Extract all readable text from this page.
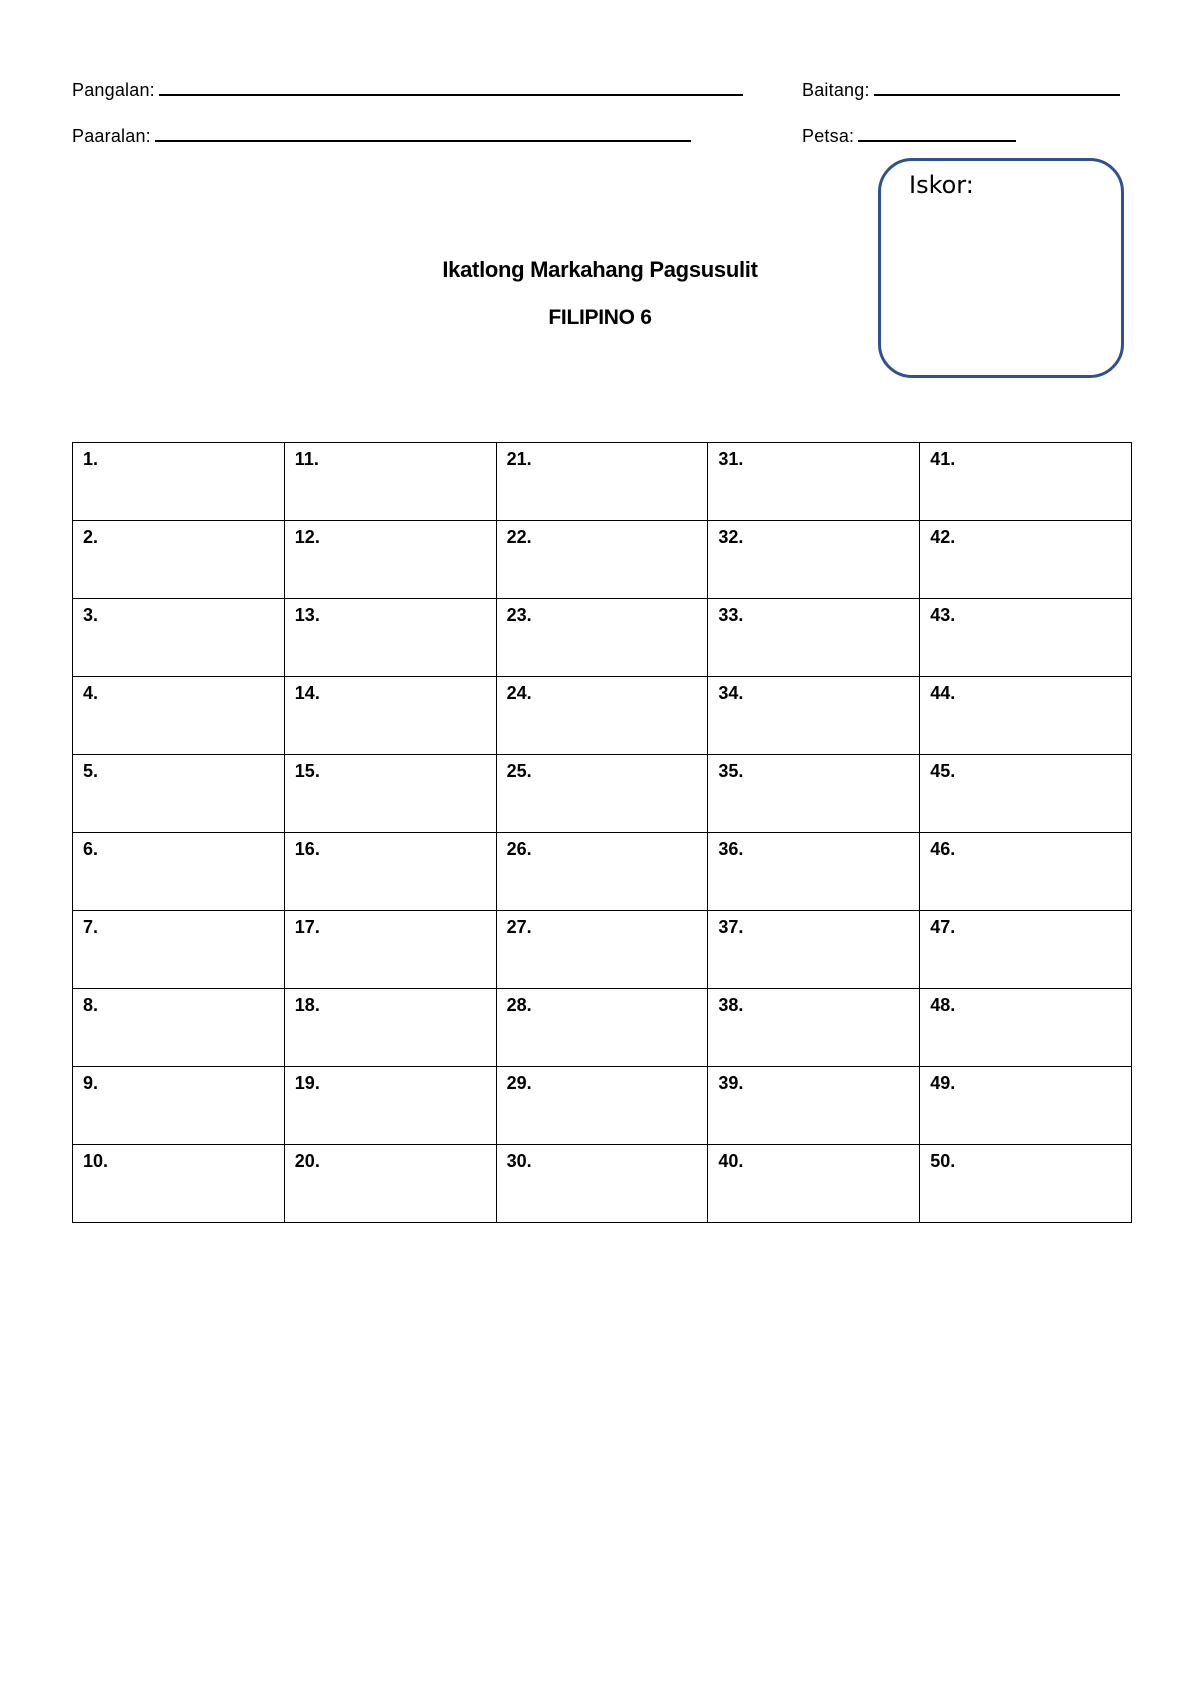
Pangalan:	Baitang:
Paaralan:	Petsa:
Iskor:
Ikatlong Markahang Pagsusulit
FILIPINO 6
1.	11.	21.	31.	41.
2.	12.	22.	32.	42.
3.	13.	23.	33.	43.
4.	14.	24.	34.	44.
5.	15.	25.	35.	45.
6.	16.	26.	36.	46.
7.	17.	27.	37.	47.
8.	18.	28.	38.	48.
9.	19.	29.	39.	49.
10.	20.	30.	40.	50.
